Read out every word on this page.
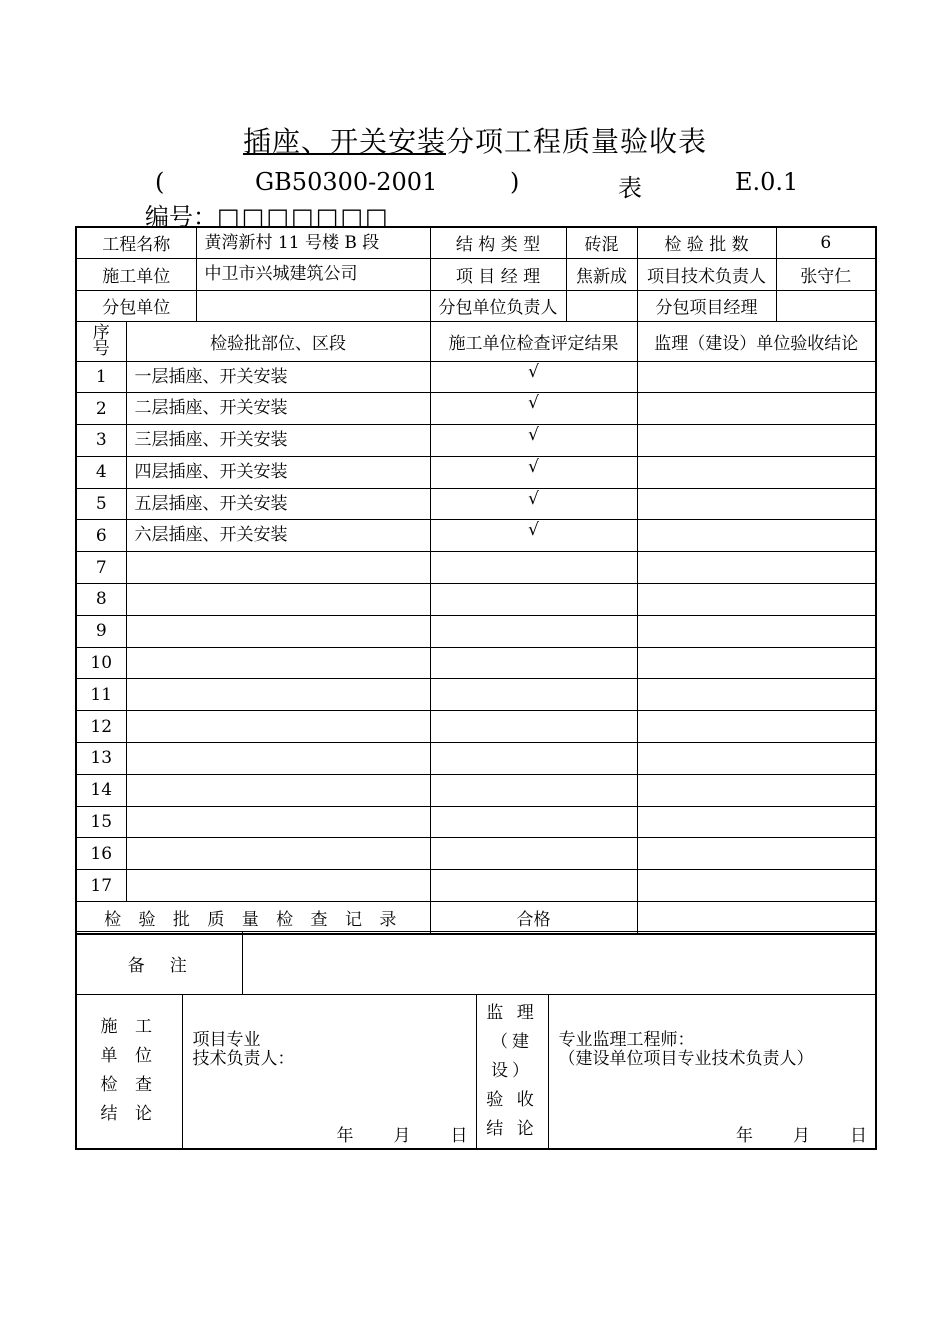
插座、开关安装分项工程质量验收表
(	GB50300-2001	)	表	E.0.1
编号：□□□□□□□
工程名称		黄湾新村 11 号楼 B 段	结 构 类 型	砖混	检 验 批 数	6
施工单位		中卫市兴城建筑公司	项 目 经 理	焦新成	项目技术负责人	张守仁
分包单位			分包单位负责人		分包项目经理	
序号	检验批部位、区段		施工单位检查评定结果		监理（建设）单位验收结论	
1	一层插座、开关安装		√			
2	二层插座、开关安装		√			
3	三层插座、开关安装		√			
4	四层插座、开关安装		√			
5	五层插座、开关安装		√			
6	六层插座、开关安装		√			
7						
8						
9						
10						
11						
12						
13						
14						
15						
16						
17						
检 验 批 质 量 检 查 记 录			合格			
备　注	
施 工
单 位
检 查
结 论

项目专业
技术负责人：
年 月 日

监 理
（建
设）
验 收
结 论

专业监理工程师：
（建设单位项目专业技术负责人）
年 月 日
